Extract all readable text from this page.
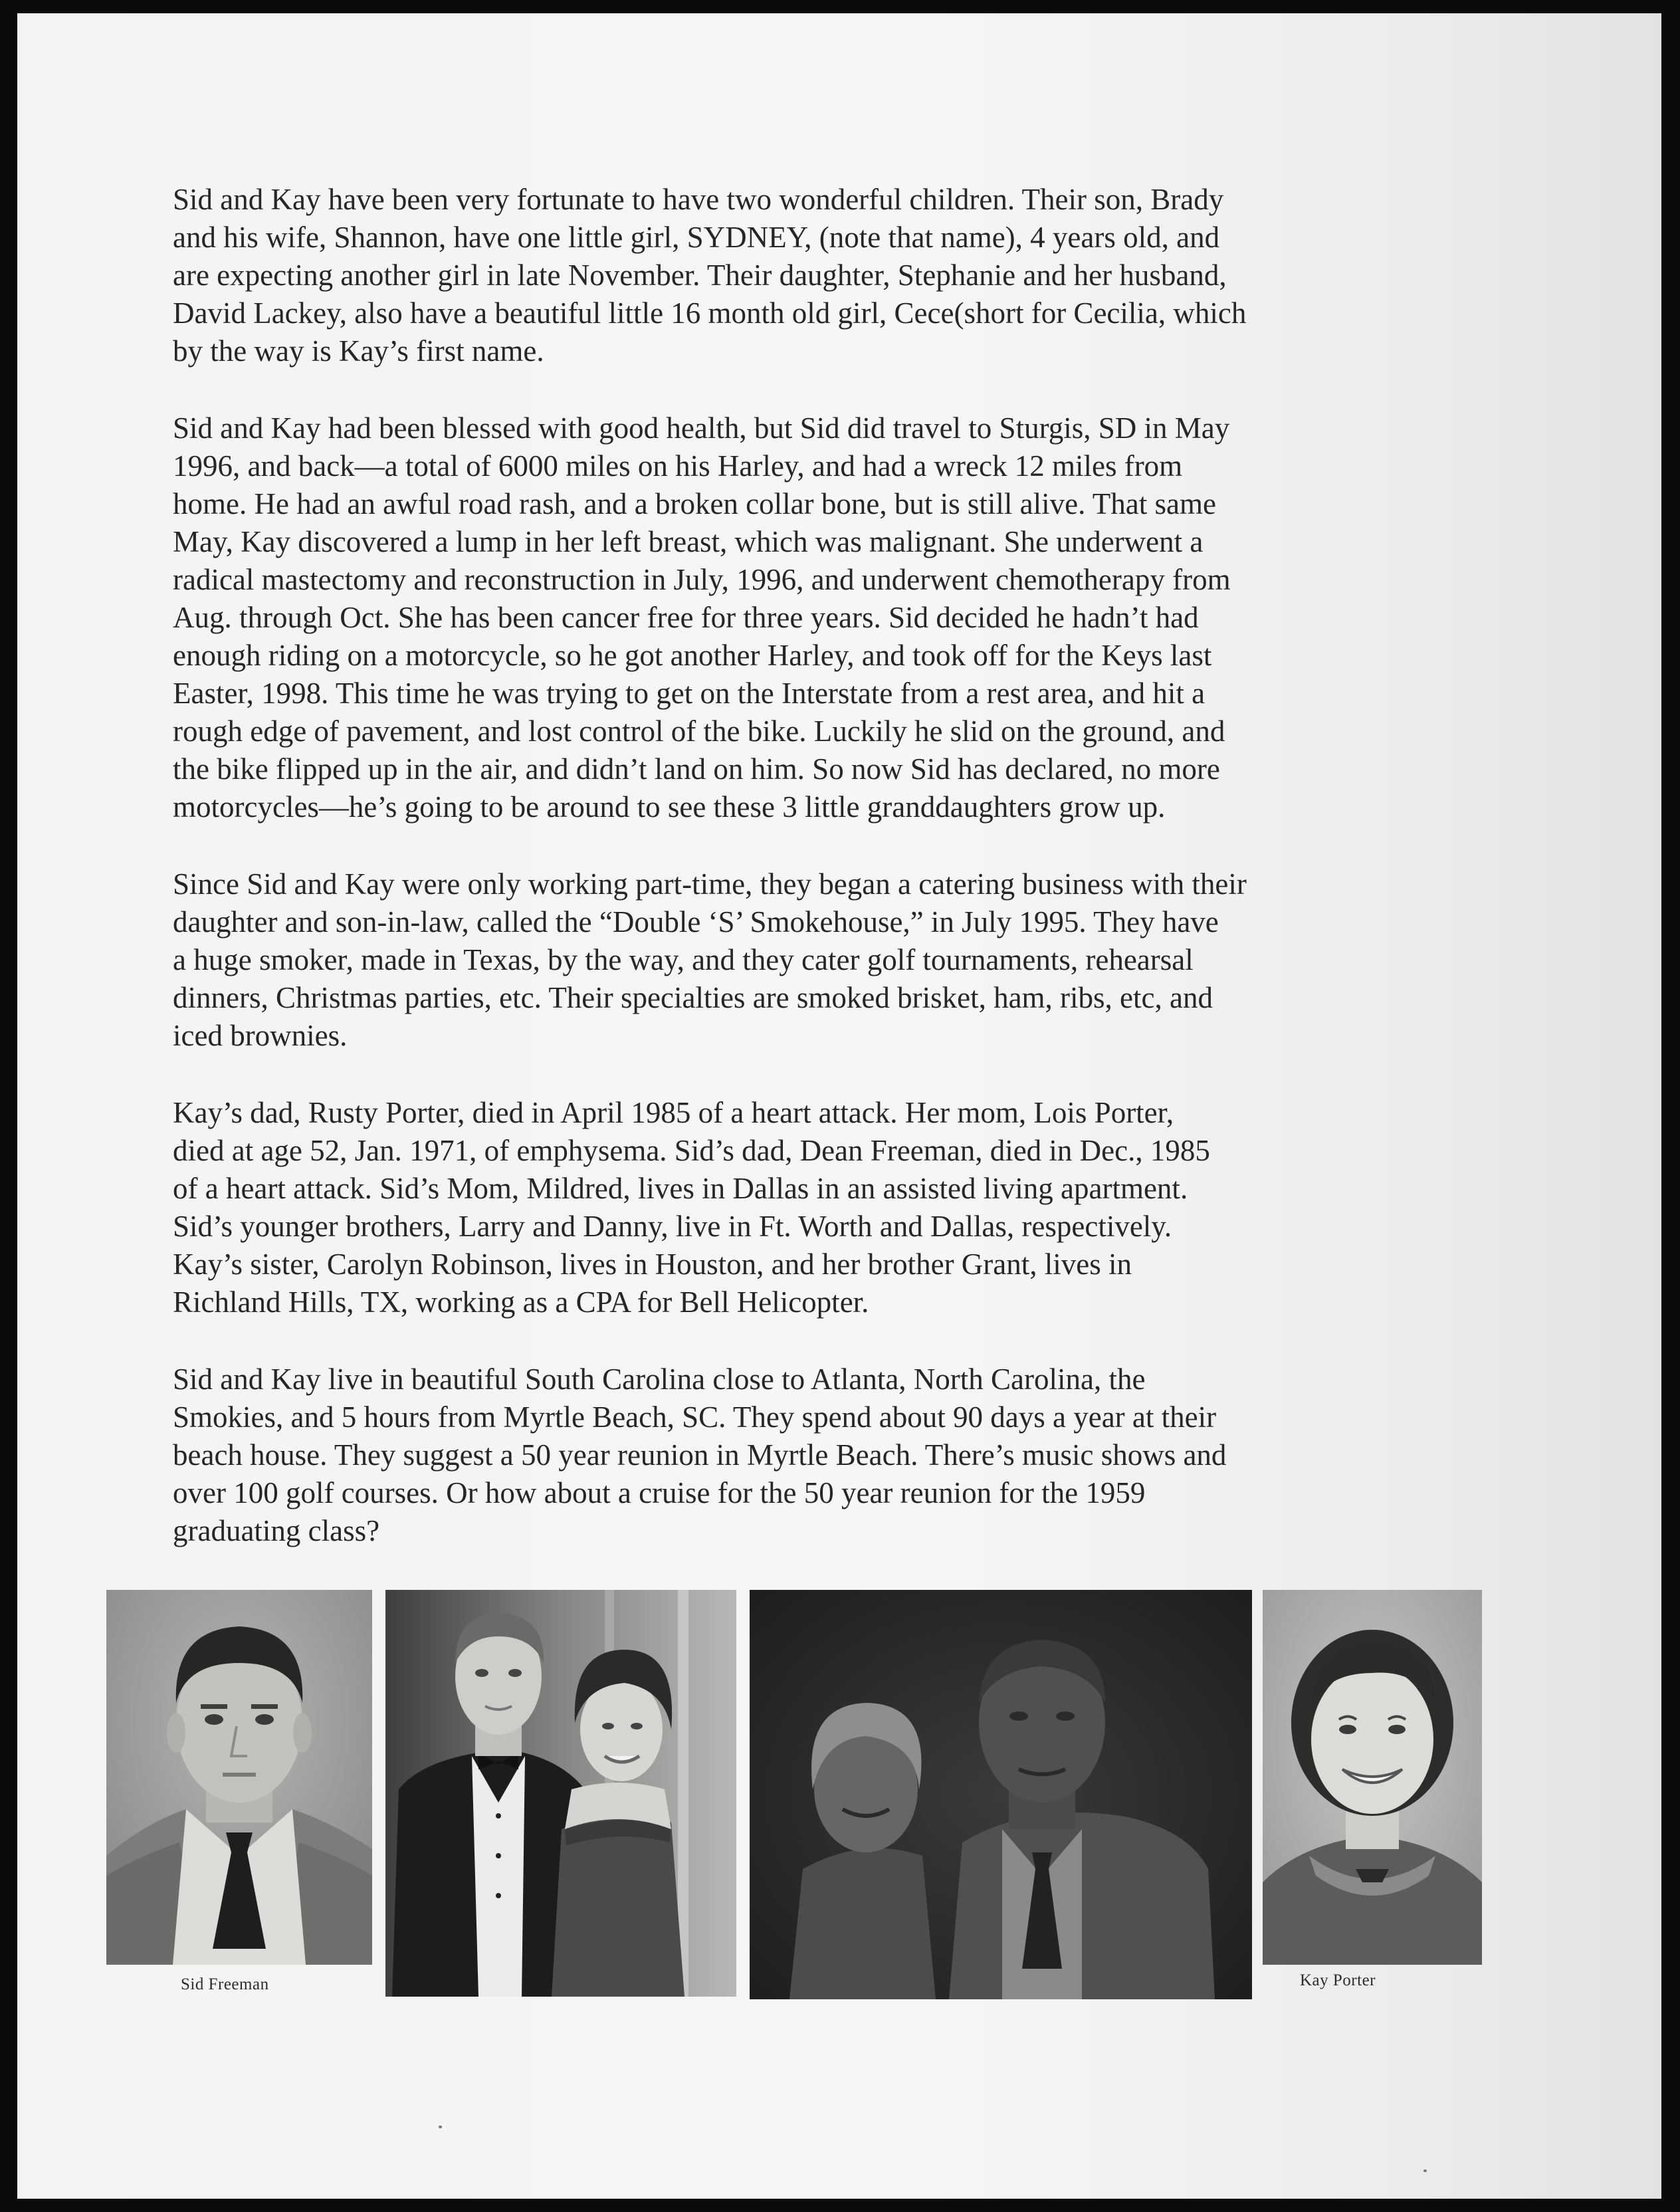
Sid and Kay have been very fortunate to have two wonderful children. Their son, Brady
and his wife, Shannon, have one little girl, SYDNEY, (note that name), 4 years old, and
are expecting another girl in late November. Their daughter, Stephanie and her husband,
David Lackey, also have a beautiful little 16 month old girl, Cece(short for Cecilia, which
by the way is Kay’s first name.

Sid and Kay had been blessed with good health, but Sid did travel to Sturgis, SD in May
1996, and back—a total of 6000 miles on his Harley, and had a wreck 12 miles from
home. He had an awful road rash, and a broken collar bone, but is still alive. That same
May, Kay discovered a lump in her left breast, which was malignant. She underwent a
radical mastectomy and reconstruction in July, 1996, and underwent chemotherapy from
Aug. through Oct. She has been cancer free for three years. Sid decided he hadn’t had
enough riding on a motorcycle, so he got another Harley, and took off for the Keys last
Easter, 1998. This time he was trying to get on the Interstate from a rest area, and hit a
rough edge of pavement, and lost control of the bike. Luckily he slid on the ground, and
the bike flipped up in the air, and didn’t land on him. So now Sid has declared, no more
motorcycles—he’s going to be around to see these 3 little granddaughters grow up.

Since Sid and Kay were only working part-time, they began a catering business with their
daughter and son-in-law, called the “Double ‘S’ Smokehouse,” in July 1995. They have
a huge smoker, made in Texas, by the way, and they cater golf tournaments, rehearsal
dinners, Christmas parties, etc. Their specialties are smoked brisket, ham, ribs, etc, and
iced brownies.

Kay’s dad, Rusty Porter, died in April 1985 of a heart attack. Her mom, Lois Porter,
died at age 52, Jan. 1971, of emphysema. Sid’s dad, Dean Freeman, died in Dec., 1985
of a heart attack. Sid’s Mom, Mildred, lives in Dallas in an assisted living apartment.
Sid’s younger brothers, Larry and Danny, live in Ft. Worth and Dallas, respectively.
Kay’s sister, Carolyn Robinson, lives in Houston, and her brother Grant, lives in
Richland Hills, TX, working as a CPA for Bell Helicopter.

Sid and Kay live in beautiful South Carolina close to Atlanta, North Carolina, the
Smokies, and 5 hours from Myrtle Beach, SC. They spend about 90 days a year at their
beach house. They suggest a 50 year reunion in Myrtle Beach. There’s music shows and
over 100 golf courses. Or how about a cruise for the 50 year reunion for the 1959
graduating class?

Sid Freeman	Kay Porter
